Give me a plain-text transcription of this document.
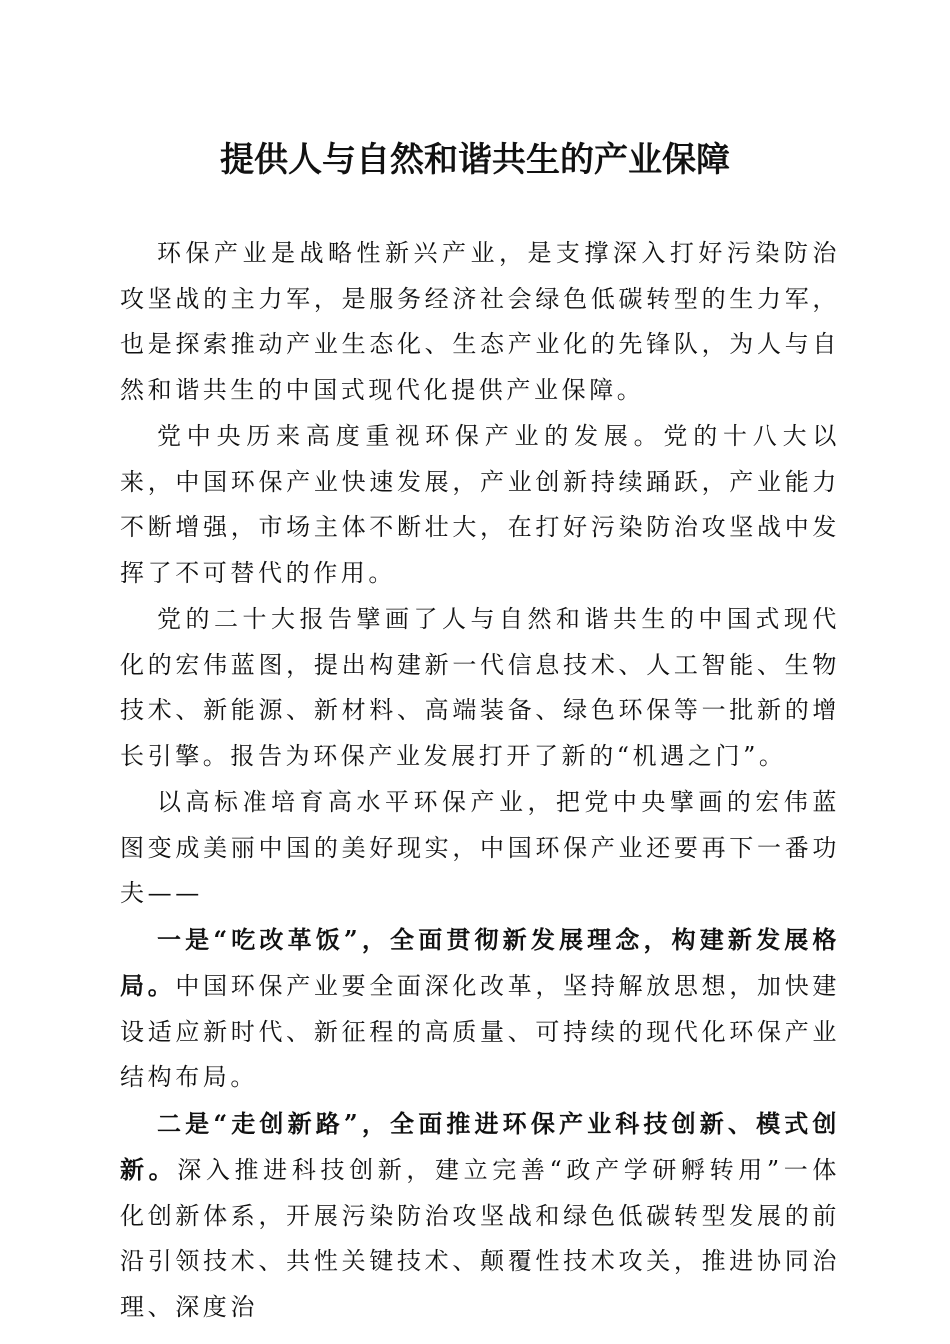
提供人与自然和谐共生的产业保障

环保产业是战略性新兴产业，是支撑深入打好污染防治攻坚战的主力军，是服务经济社会绿色低碳转型的生力军，也是探索推动产业生态化、生态产业化的先锋队，为人与自然和谐共生的中国式现代化提供产业保障。

党中央历来高度重视环保产业的发展。党的十八大以来，中国环保产业快速发展，产业创新持续踊跃，产业能力不断增强，市场主体不断壮大，在打好污染防治攻坚战中发挥了不可替代的作用。

党的二十大报告擘画了人与自然和谐共生的中国式现代化的宏伟蓝图，提出构建新一代信息技术、人工智能、生物技术、新能源、新材料、高端装备、绿色环保等一批新的增长引擎。报告为环保产业发展打开了新的“机遇之门”。

以高标准培育高水平环保产业，把党中央擘画的宏伟蓝图变成美丽中国的美好现实，中国环保产业还要再下一番功夫——

一是“吃改革饭”，全面贯彻新发展理念，构建新发展格局。中国环保产业要全面深化改革，坚持解放思想，加快建设适应新时代、新征程的高质量、可持续的现代化环保产业结构布局。

二是“走创新路”，全面推进环保产业科技创新、模式创新。深入推进科技创新，建立完善“政产学研孵转用”一体化创新体系，开展污染防治攻坚战和绿色低碳转型发展的前沿引领技术、共性关键技术、颠覆性技术攻关，推进协同治理、深度治
